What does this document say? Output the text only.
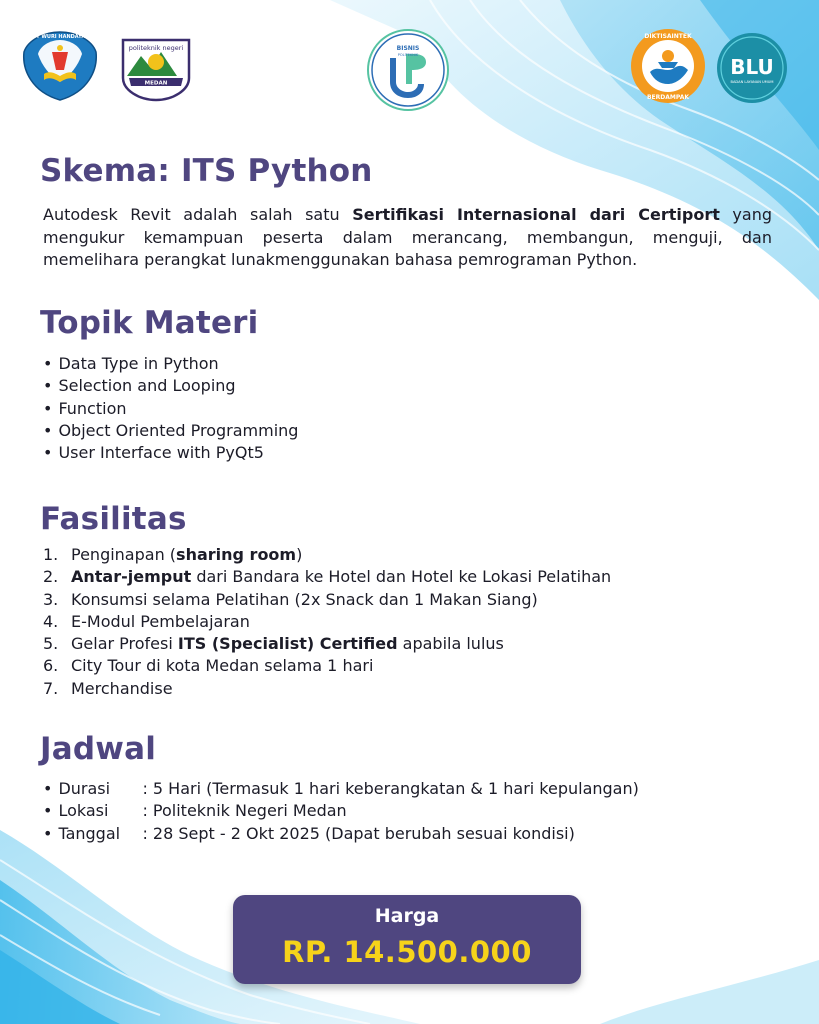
TUT WURI HANDAYANI
politeknik negeri
MEDAN
BISNIS
POLITEKNIK
DIKTISAINTEK
BERDAMPAK
BLU
BADAN LAYANAN UMUM
Skema: ITS Python

Autodesk Revit adalah salah satu Sertifikasi Internasional dari Certiport yang mengukur kemampuan peserta dalam merancang, membangun, menguji, dan memelihara perangkat lunakmenggunakan bahasa pemrograman Python.

Topik Materi
• Data Type in Python
• Selection and Looping
• Function
• Object Oriented Programming
• User Interface with PyQt5
Fasilitas
1. Penginapan (sharing room)
2. Antar-jemput dari Bandara ke Hotel dan Hotel ke Lokasi Pelatihan
3. Konsumsi selama Pelatihan (2x Snack dan 1 Makan Siang)
4. E-Modul Pembelajaran
5. Gelar Profesi ITS (Specialist) Certified apabila lulus
6. City Tour di kota Medan selama 1 hari
7. Merchandise
Jadwal
• Durasi	: 5 Hari (Termasuk 1 hari keberangkatan & 1 hari kepulangan)
• Lokasi	: Politeknik Negeri Medan
• Tanggal	: 28 Sept - 2 Okt 2025 (Dapat berubah sesuai kondisi)
Harga
RP. 14.500.000
